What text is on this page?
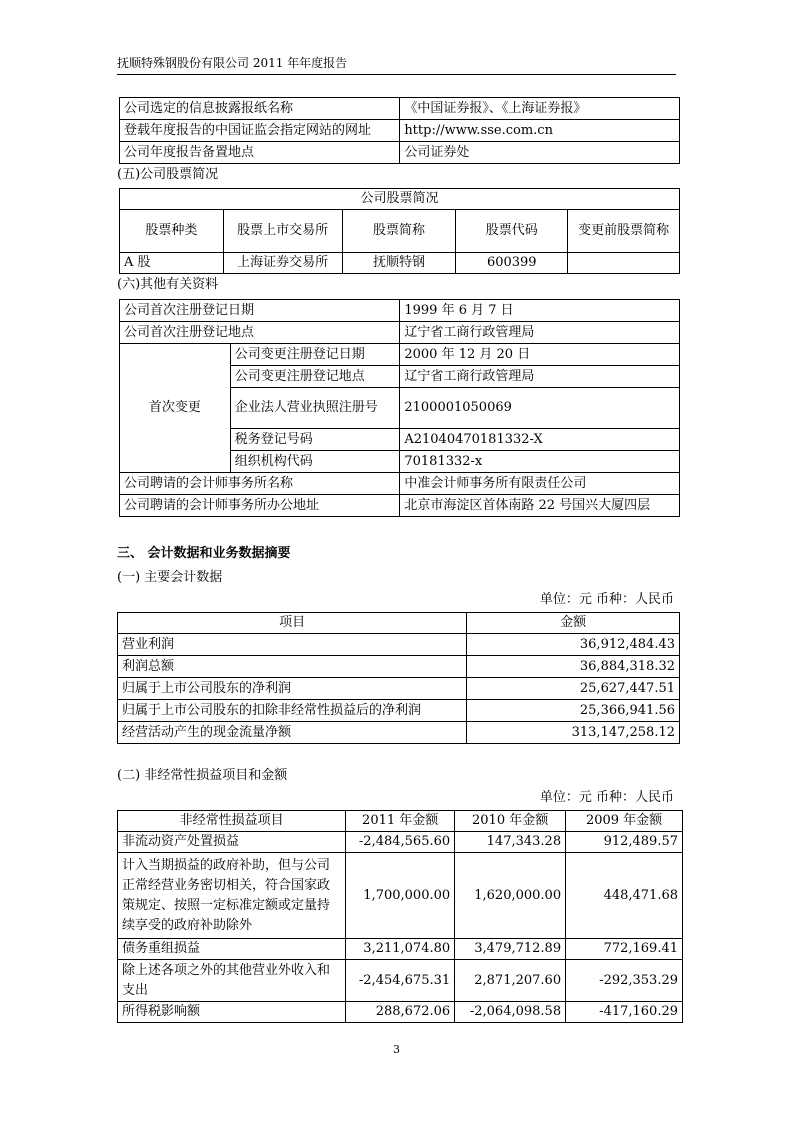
抚顺特殊钢股份有限公司 2011 年年度报告
公司选定的信息披露报纸名称	《中国证券报》、《上海证券报》
登载年度报告的中国证监会指定网站的网址	http://www.sse.com.cn
公司年度报告备置地点	公司证券处
(五)公司股票简况
公司股票简况				
股票种类	股票上市交易所	股票简称	股票代码	变更前股票简称
A 股	上海证券交易所	抚顺特钢	600399	
(六)其他有关资料
公司首次注册登记日期		1999 年 6 月 7 日
公司首次注册登记地点		辽宁省工商行政管理局
首次变更	公司变更注册登记日期	2000 年 12 月 20 日
	公司变更注册登记地点	辽宁省工商行政管理局
	企业法人营业执照注册号	2100001050069
	税务登记号码	A21040470181332-X
	组织机构代码	70181332-x
公司聘请的会计师事务所名称		中准会计师事务所有限责任公司
公司聘请的会计师事务所办公地址		北京市海淀区首体南路 22 号国兴大厦四层
三、 会计数据和业务数据摘要
(一) 主要会计数据
单位：元 币种：人民币
项目	金额
营业利润	36,912,484.43
利润总额	36,884,318.32
归属于上市公司股东的净利润	25,627,447.51
归属于上市公司股东的扣除非经常性损益后的净利润	25,366,941.56
经营活动产生的现金流量净额	313,147,258.12
(二) 非经常性损益项目和金额
单位：元 币种：人民币
非经常性损益项目	2011 年金额	2010 年金额	2009 年金额
非流动资产处置损益	-2,484,565.60	147,343.28	912,489.57
计入当期损益的政府补助，但与公司正常经营业务密切相关，符合国家政策规定、按照一定标准定额或定量持续享受的政府补助除外	1,700,000.00	1,620,000.00	448,471.68
债务重组损益	3,211,074.80	3,479,712.89	772,169.41
除上述各项之外的其他营业外收入和支出	-2,454,675.31	2,871,207.60	-292,353.29
所得税影响额	288,672.06	-2,064,098.58	-417,160.29
3
